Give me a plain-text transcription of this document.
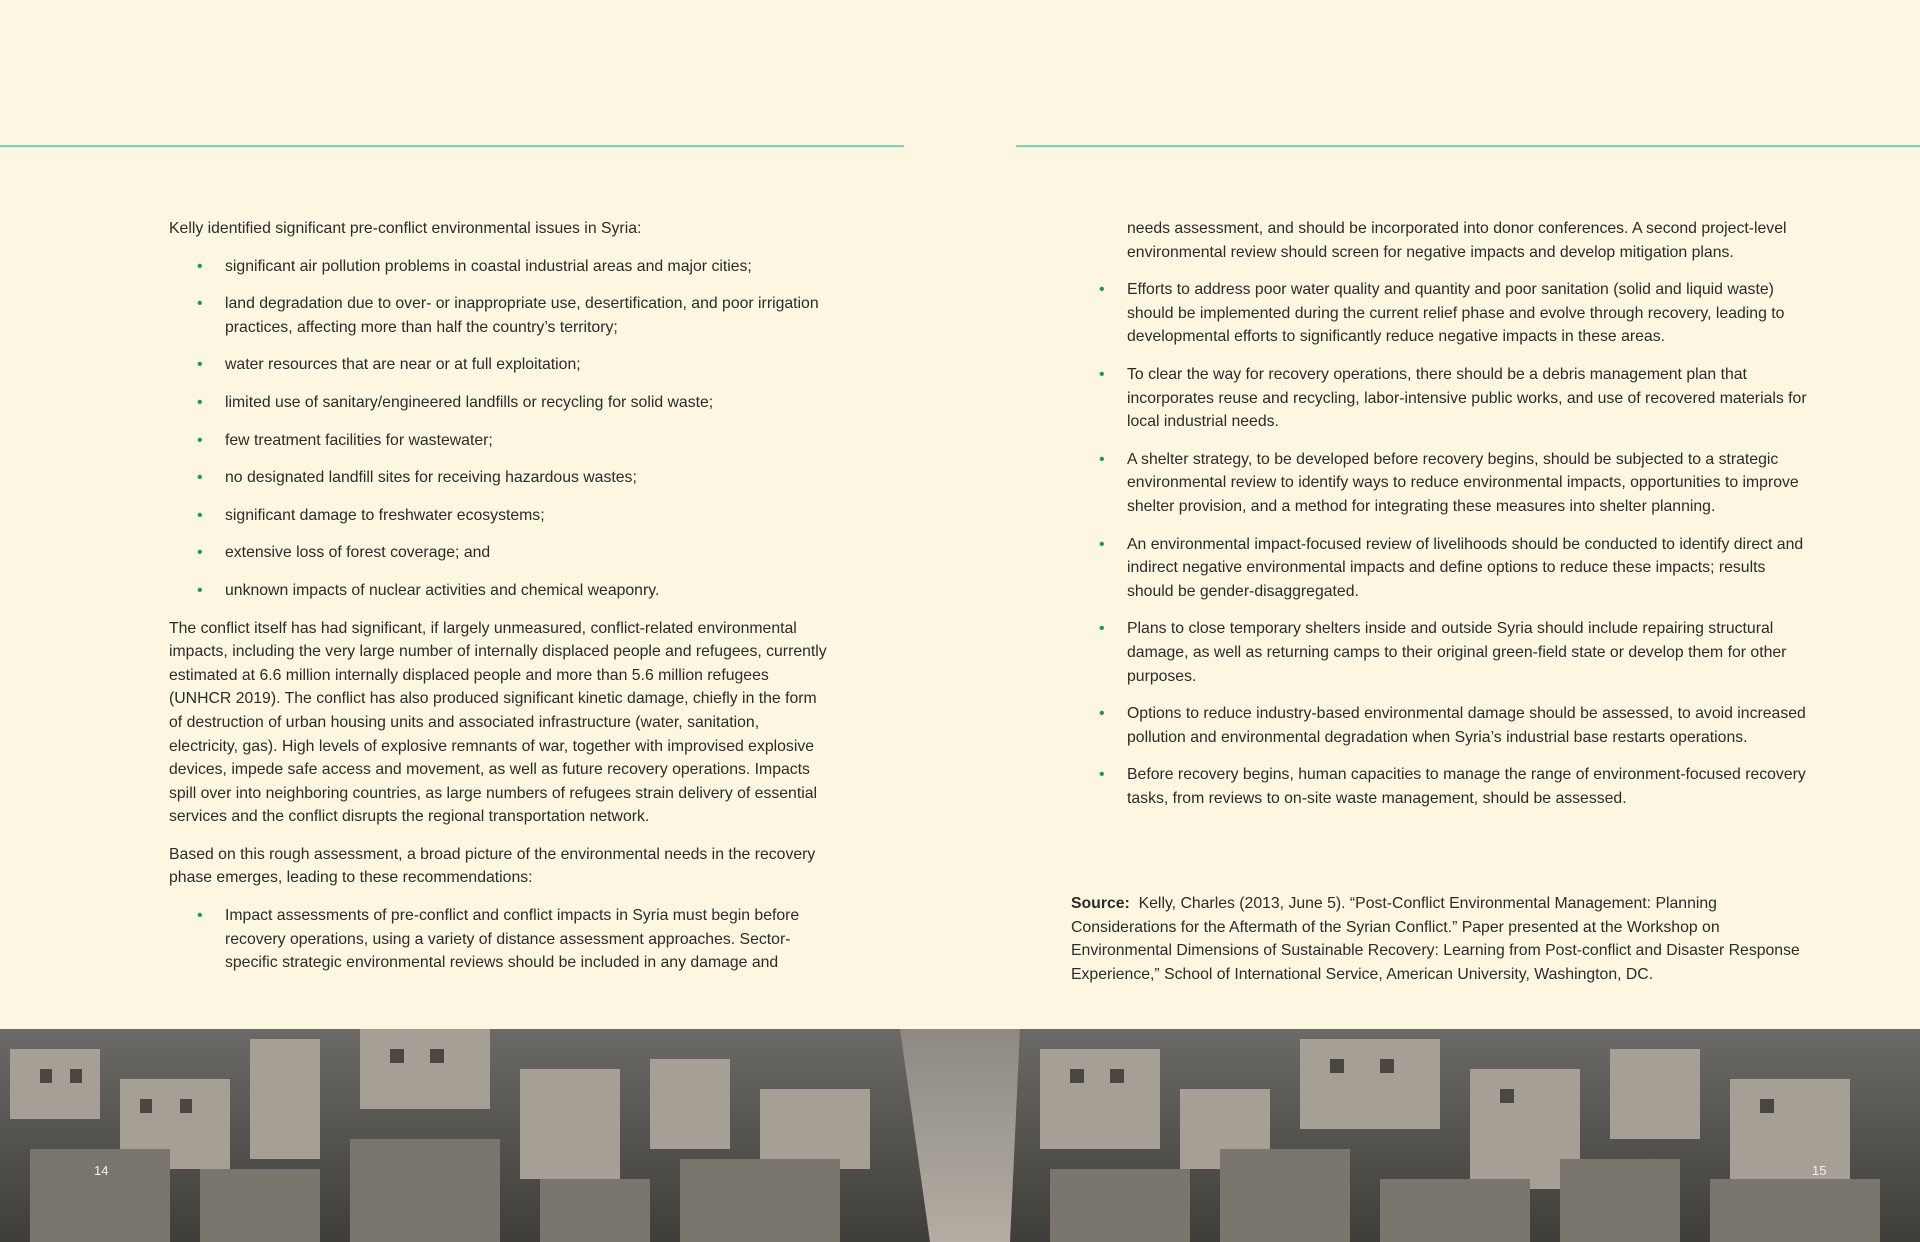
Kelly identified significant pre-conflict environmental issues in Syria:

• significant air pollution problems in coastal industrial areas and major cities;
• land degradation due to over- or inappropriate use, desertification, and poor irrigation practices, affecting more than half the country’s territory;
• water resources that are near or at full exploitation;
• limited use of sanitary/engineered landfills or recycling for solid waste;
• few treatment facilities for wastewater;
• no designated landfill sites for receiving hazardous wastes;
• significant damage to freshwater ecosystems;
• extensive loss of forest coverage; and
• unknown impacts of nuclear activities and chemical weaponry.

The conflict itself has had significant, if largely unmeasured, conflict-related environmental impacts, including the very large number of internally displaced people and refugees, currently estimated at 6.6 million internally displaced people and more than 5.6 million refugees (UNHCR 2019). The conflict has also produced significant kinetic damage, chiefly in the form of destruction of urban housing units and associated infrastructure (water, sanitation, electricity, gas). High levels of explosive remnants of war, together with improvised explosive devices, impede safe access and movement, as well as future recovery operations. Impacts spill over into neighboring countries, as large numbers of refugees strain delivery of essential services and the conflict disrupts the regional transportation network.

Based on this rough assessment, a broad picture of the environmental needs in the recovery phase emerges, leading to these recommendations:

• Impact assessments of pre-conflict and conflict impacts in Syria must begin before recovery operations, using a variety of distance assessment approaches. Sector-specific strategic environmental reviews should be included in any damage and
needs assessment, and should be incorporated into donor conferences. A second project-level environmental review should screen for negative impacts and develop mitigation plans.
• Efforts to address poor water quality and quantity and poor sanitation (solid and liquid waste) should be implemented during the current relief phase and evolve through recovery, leading to developmental efforts to significantly reduce negative impacts in these areas.
• To clear the way for recovery operations, there should be a debris management plan that incorporates reuse and recycling, labor-intensive public works, and use of recovered materials for local industrial needs.
• A shelter strategy, to be developed before recovery begins, should be subjected to a strategic environmental review to identify ways to reduce environmental impacts, opportunities to improve shelter provision, and a method for integrating these measures into shelter planning.
• An environmental impact-focused review of livelihoods should be conducted to identify direct and indirect negative environmental impacts and define options to reduce these impacts; results should be gender-disaggregated.
• Plans to close temporary shelters inside and outside Syria should include repairing structural damage, as well as returning camps to their original green-field state or develop them for other purposes.
• Options to reduce industry-based environmental damage should be assessed, to avoid increased pollution and environmental degradation when Syria’s industrial base restarts operations.
• Before recovery begins, human capacities to manage the range of environment-focused recovery tasks, from reviews to on-site waste management, should be assessed.
Source: Kelly, Charles (2013, June 5). “Post-Conflict Environmental Management: Planning Considerations for the Aftermath of the Syrian Conflict.” Paper presented at the Workshop on Environmental Dimensions of Sustainable Recovery: Learning from Post-conflict and Disaster Response Experience,” School of International Service, American University, Washington, DC.
14	15
